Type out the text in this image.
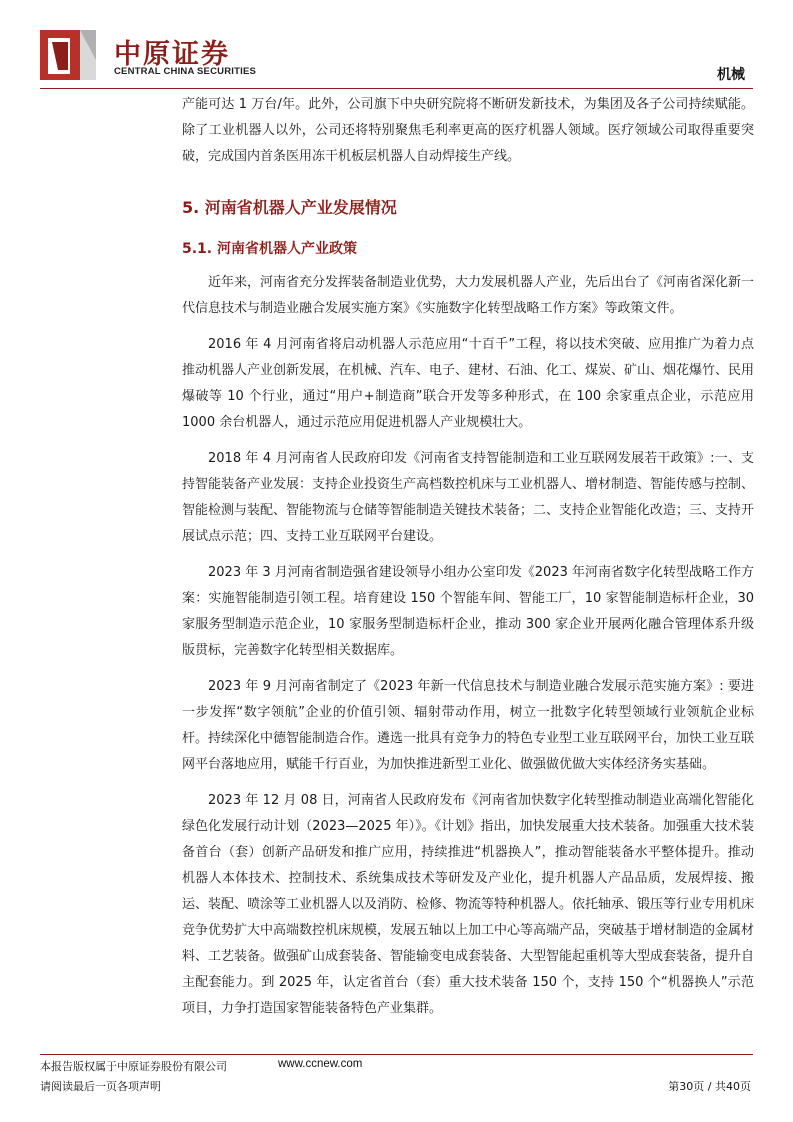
中原证券
CENTRAL CHINA SECURITIES	机械

产能可达 1 万台/年。此外，公司旗下中央研究院将不断研发新技术，为集团及各子公司持续赋能。除了工业机器人以外，公司还将特别聚焦毛利率更高的医疗机器人领域。医疗领域公司取得重要突破，完成国内首条医用冻干机板层机器人自动焊接生产线。

5. 河南省机器人产业发展情况
5.1. 河南省机器人产业政策

近年来，河南省充分发挥装备制造业优势，大力发展机器人产业，先后出台了《河南省深化新一代信息技术与制造业融合发展实施方案》《实施数字化转型战略工作方案》等政策文件。

2016 年 4 月河南省将启动机器人示范应用“十百千”工程，将以技术突破、应用推广为着力点推动机器人产业创新发展，在机械、汽车、电子、建材、石油、化工、煤炭、矿山、烟花爆竹、民用爆破等 10 个行业，通过“用户+制造商”联合开发等多种形式，在 100 余家重点企业，示范应用 1000 余台机器人，通过示范应用促进机器人产业规模壮大。

2018 年 4 月河南省人民政府印发《河南省支持智能制造和工业互联网发展若干政策》:一、支持智能装备产业发展：支持企业投资生产高档数控机床与工业机器人、增材制造、智能传感与控制、智能检测与装配、智能物流与仓储等智能制造关键技术装备；二、支持企业智能化改造；三、支持开展试点示范；四、支持工业互联网平台建设。

2023 年 3 月河南省制造强省建设领导小组办公室印发《2023 年河南省数字化转型战略工作方案：实施智能制造引领工程。培育建设 150 个智能车间、智能工厂，10 家智能制造标杆企业，30 家服务型制造示范企业，10 家服务型制造标杆企业，推动 300 家企业开展两化融合管理体系升级版贯标，完善数字化转型相关数据库。

2023 年 9 月河南省制定了《2023 年新一代信息技术与制造业融合发展示范实施方案》: 要进一步发挥“数字领航”企业的价值引领、辐射带动作用，树立一批数字化转型领域行业领航企业标杆。持续深化中德智能制造合作。遴选一批具有竞争力的特色专业型工业互联网平台，加快工业互联网平台落地应用，赋能千行百业，为加快推进新型工业化、做强做优做大实体经济务实基础。

2023 年 12 月 08 日，河南省人民政府发布《河南省加快数字化转型推动制造业高端化智能化绿色化发展行动计划（2023—2025 年）》。《计划》指出，加快发展重大技术装备。加强重大技术装备首台（套）创新产品研发和推广应用，持续推进“机器换人”，推动智能装备水平整体提升。推动机器人本体技术、控制技术、系统集成技术等研发及产业化，提升机器人产品品质，发展焊接、搬运、装配、喷涂等工业机器人以及消防、检修、物流等特种机器人。依托轴承、锻压等行业专用机床竞争优势扩大中高端数控机床规模，发展五轴以上加工中心等高端产品，突破基于增材制造的金属材料、工艺装备。做强矿山成套装备、智能输变电成套装备、大型智能起重机等大型成套装备，提升自主配套能力。到 2025 年，认定省首台（套）重大技术装备 150 个，支持 150 个“机器换人”示范项目，力争打造国家智能装备特色产业集群。

本报告版权属于中原证券股份有限公司	www.ccnew.com
请阅读最后一页各项声明	第30页 / 共40页
